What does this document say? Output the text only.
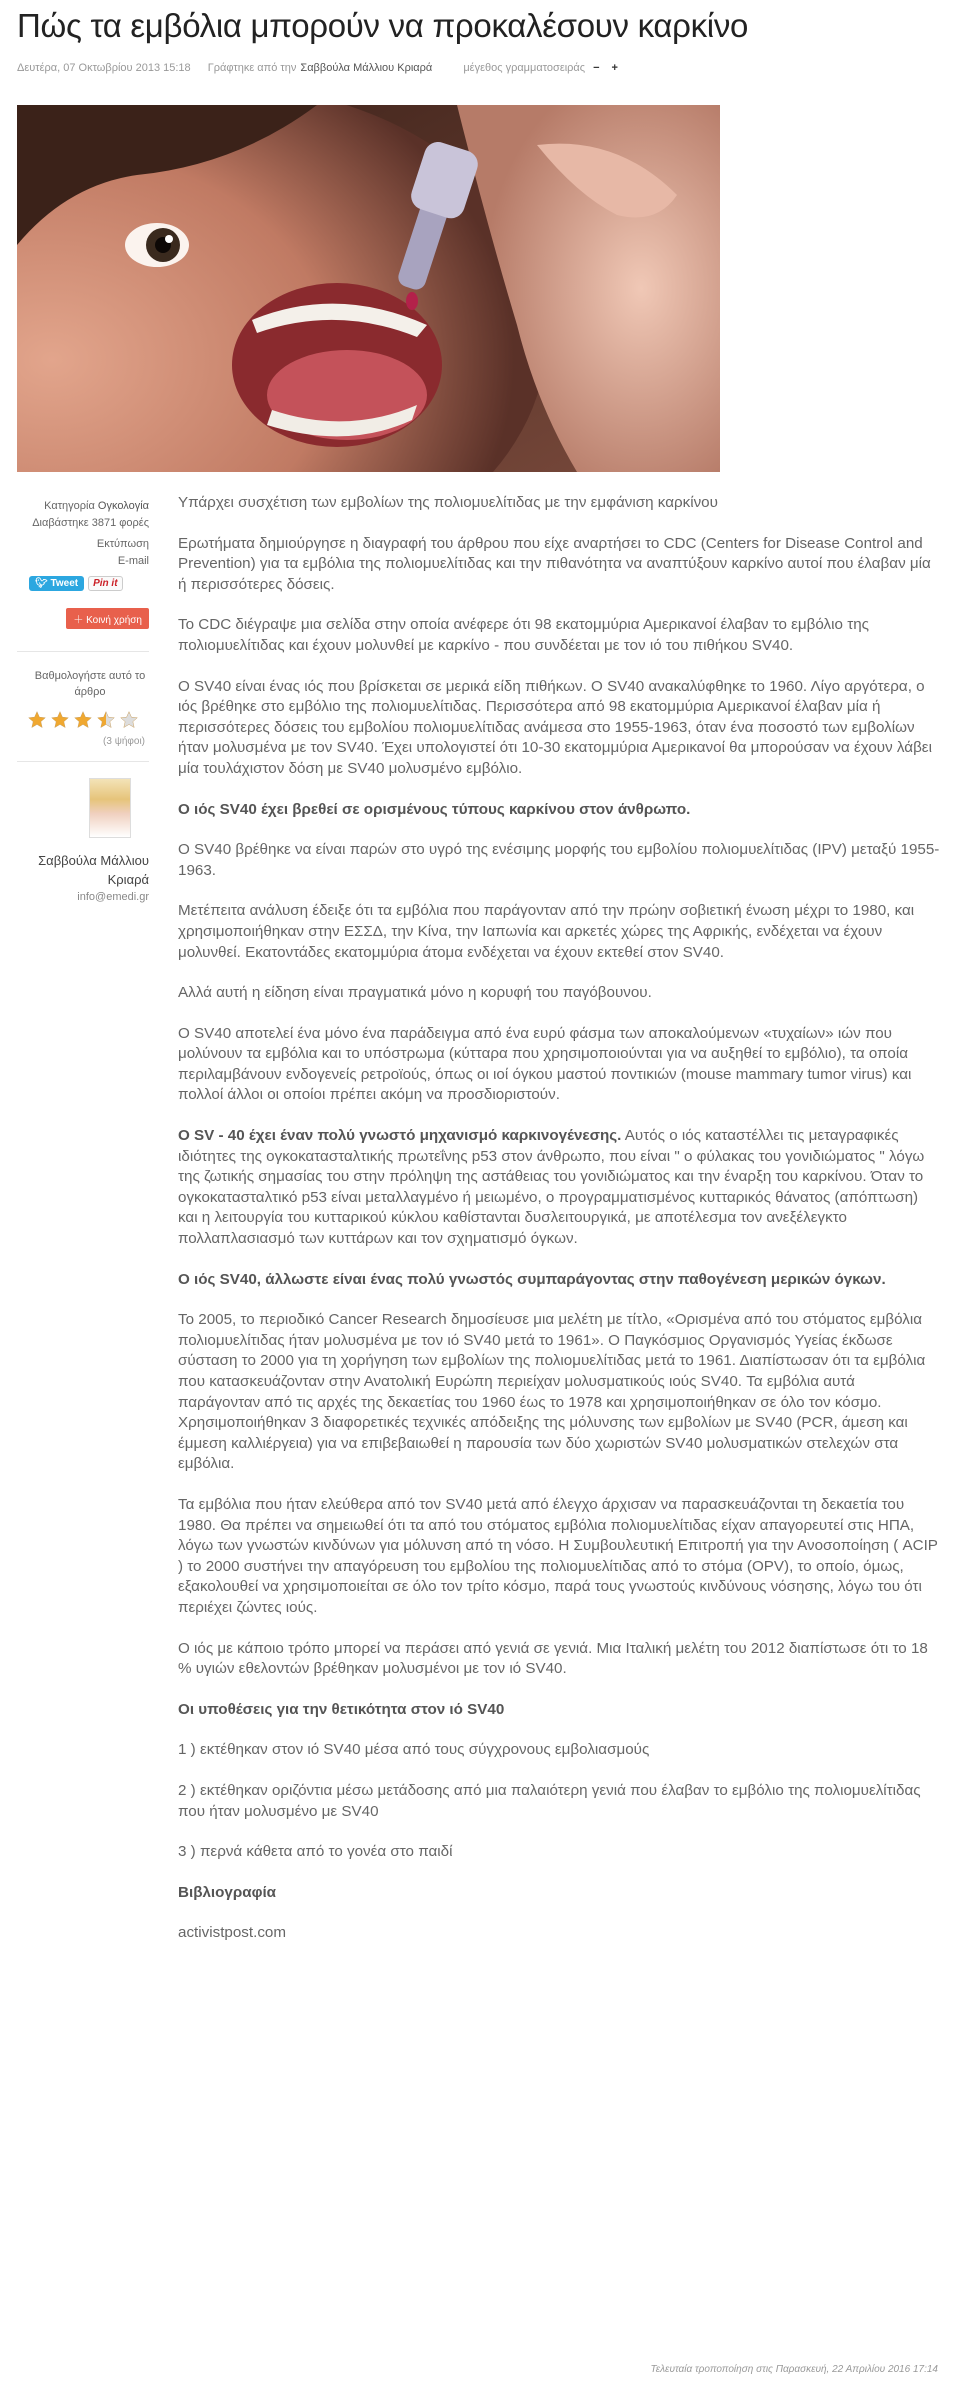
Πώς τα εμβόλια μπορούν να προκαλέσουν καρκίνο
Δευτέρα, 07 Οκτωβρίου 2013 15:18 Γράφτηκε από την Σαββούλα Μάλλιου Κριαρά	μέγεθος γραμματοσειράς − +
Κατηγορία Ογκολογία
Διαβάστηκε 3871 φορές
Εκτύπωση
E-mail
🐦︎ Tweet Pin it
＋ Κοινή χρήση
Βαθμολογήστε αυτό το άρθρο
(3 ψήφοι)
Σαββούλα Μάλλιου Κριαρά
info@emedi.gr

Υπάρχει συσχέτιση των εμβολίων της πολιομυελίτιδας με την εμφάνιση καρκίνου

Ερωτήματα δημιούργησε η διαγραφή του άρθρου που είχε αναρτήσει το CDC (Centers for Disease Control and Prevention) για τα εμβόλια της πολιομυελίτιδας και την πιθανότητα να αναπτύξουν καρκίνο αυτοί που έλαβαν μία ή περισσότερες δόσεις.

Το CDC διέγραψε μια σελίδα στην οποία ανέφερε ότι 98 εκατομμύρια Αμερικανοί έλαβαν το εμβόλιο της πολιομυελίτιδας και έχουν μολυνθεί με καρκίνο - που συνδέεται με τον ιό του πιθήκου SV40.

Ο SV40 είναι ένας ιός που βρίσκεται σε μερικά είδη πιθήκων. Ο SV40 ανακαλύφθηκε το 1960. Λίγο αργότερα, ο ιός βρέθηκε στο εμβόλιο της πολιομυελίτιδας. Περισσότερα από 98 εκατομμύρια Αμερικανοί έλαβαν μία ή περισσότερες δόσεις του εμβολίου πολιομυελίτιδας ανάμεσα στο 1955-1963, όταν ένα ποσοστό των εμβολίων ήταν μολυσμένα με τον SV40. Έχει υπολογιστεί ότι 10-30 εκατομμύρια Αμερικανοί θα μπορούσαν να έχουν λάβει μία τουλάχιστον δόση με SV40 μολυσμένο εμβόλιο.

Ο ιός SV40 έχει βρεθεί σε ορισμένους τύπους καρκίνου στον άνθρωπο.

Ο SV40 βρέθηκε να είναι παρών στο υγρό της ενέσιμης μορφής του εμβολίου πολιομυελίτιδας (IPV) μεταξύ 1955-1963.

Μετέπειτα ανάλυση έδειξε ότι τα εμβόλια που παράγονταν από την πρώην σοβιετική ένωση μέχρι το 1980, και χρησιμοποιήθηκαν στην ΕΣΣΔ, την Κίνα, την Ιαπωνία και αρκετές χώρες της Αφρικής, ενδέχεται να έχουν μολυνθεί. Εκατοντάδες εκατομμύρια άτομα ενδέχεται να έχουν εκτεθεί στον SV40.

Αλλά αυτή η είδηση είναι πραγματικά μόνο η κορυφή του παγόβουνου.

Ο SV40 αποτελεί ένα μόνο ένα παράδειγμα από ένα ευρύ φάσμα των αποκαλούμενων «τυχαίων» ιών που μολύνουν τα εμβόλια και το υπόστρωμα (κύτταρα που χρησιμοποιούνται για να αυξηθεί το εμβόλιο), τα οποία περιλαμβάνουν ενδογενείς ρετροϊούς, όπως οι ιοί όγκου μαστού ποντικιών (mouse mammary tumor virus) και πολλοί άλλοι οι οποίοι πρέπει ακόμη να προσδιοριστούν.

Ο SV - 40 έχει έναν πολύ γνωστό μηχανισμό καρκινογένεσης. Αυτός ο ιός καταστέλλει τις μεταγραφικές ιδιότητες της ογκοκατασταλτικής πρωτεΐνης p53 στον άνθρωπο, που είναι " ο φύλακας του γονιδιώματος " λόγω της ζωτικής σημασίας του στην πρόληψη της αστάθειας του γονιδιώματος και την έναρξη του καρκίνου. Όταν το ογκοκατασταλτικό p53 είναι μεταλλαγμένο ή μειωμένο, ο προγραμματισμένος κυτταρικός θάνατος (απόπτωση) και η λειτουργία του κυτταρικού κύκλου καθίστανται δυσλειτουργικά, με αποτέλεσμα τον ανεξέλεγκτο πολλαπλασιασμό των κυττάρων και τον σχηματισμό όγκων.

Ο ιός SV40, άλλωστε είναι ένας πολύ γνωστός συμπαράγοντας στην παθογένεση μερικών όγκων.

Το 2005, το περιοδικό Cancer Research δημοσίευσε μια μελέτη με τίτλο, «Ορισμένα από του στόματος εμβόλια πολιομυελίτιδας ήταν μολυσμένα με τον ιό SV40 μετά το 1961». Ο Παγκόσμιος Οργανισμός Υγείας έκδωσε σύσταση το 2000 για τη χορήγηση των εμβολίων της πολιομυελίτιδας μετά το 1961. Διαπίστωσαν ότι τα εμβόλια που κατασκευάζονταν στην Ανατολική Ευρώπη περιείχαν μολυσματικούς ιούς SV40. Τα εμβόλια αυτά παράγονταν από τις αρχές της δεκαετίας του 1960 έως το 1978 και χρησιμοποιήθηκαν σε όλο τον κόσμο. Χρησιμοποιήθηκαν 3 διαφορετικές τεχνικές απόδειξης της μόλυνσης των εμβολίων με SV40 (PCR, άμεση και έμμεση καλλιέργεια) για να επιβεβαιωθεί η παρουσία των δύο χωριστών SV40 μολυσματικών στελεχών στα εμβόλια.

Τα εμβόλια που ήταν ελεύθερα από τον SV40 μετά από έλεγχο άρχισαν να παρασκευάζονται τη δεκαετία του 1980. Θα πρέπει να σημειωθεί ότι τα από του στόματος εμβόλια πολιομυελίτιδας είχαν απαγορευτεί στις ΗΠΑ, λόγω των γνωστών κινδύνων για μόλυνση από τη νόσο. Η Συμβουλευτική Επιτροπή για την Ανοσοποίηση ( ACIP ) το 2000 συστήνει την απαγόρευση του εμβολίου της πολιομυελίτιδας από το στόμα (OPV), το οποίο, όμως, εξακολουθεί να χρησιμοποιείται σε όλο τον τρίτο κόσμο, παρά τους γνωστούς κινδύνους νόσησης, λόγω του ότι περιέχει ζώντες ιούς.

Ο ιός με κάποιο τρόπο μπορεί να περάσει από γενιά σε γενιά. Μια Ιταλική μελέτη του 2012 διαπίστωσε ότι το 18 % υγιών εθελοντών βρέθηκαν μολυσμένοι με τον ιό SV40.

Οι υποθέσεις για την θετικότητα στον ιό SV40

1 ) εκτέθηκαν στον ιό SV40 μέσα από τους σύγχρονους εμβολιασμούς

2 ) εκτέθηκαν οριζόντια μέσω μετάδοσης από μια παλαιότερη γενιά που έλαβαν το εμβόλιο της πολιομυελίτιδας που ήταν μολυσμένο με SV40

3 ) περνά κάθετα από το γονέα στο παιδί

Βιβλιογραφία

activistpost.com

Τελευταία τροποποίηση στις Παρασκευή, 22 Απριλίου 2016 17:14
